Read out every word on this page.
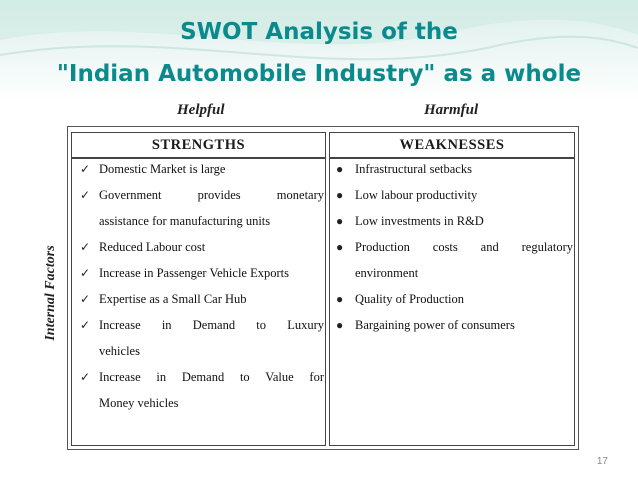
SWOT Analysis of the
"Indian Automobile Industry" as a whole
Helpful	Harmful
Internal Factors
STRENGTHS	WEAKNESSES
✓ Domestic Market is large
✓ Government provides monetary
assistance for manufacturing units
✓ Reduced Labour cost
✓ Increase in Passenger Vehicle Exports
✓ Expertise as a Small Car Hub
✓ Increase in Demand to Luxury
vehicles
✓ Increase in Demand to Value for
Money vehicles
● Infrastructural setbacks
● Low labour productivity
● Low investments in R&D
● Production costs and regulatory
environment
● Quality of Production
● Bargaining power of consumers
17
